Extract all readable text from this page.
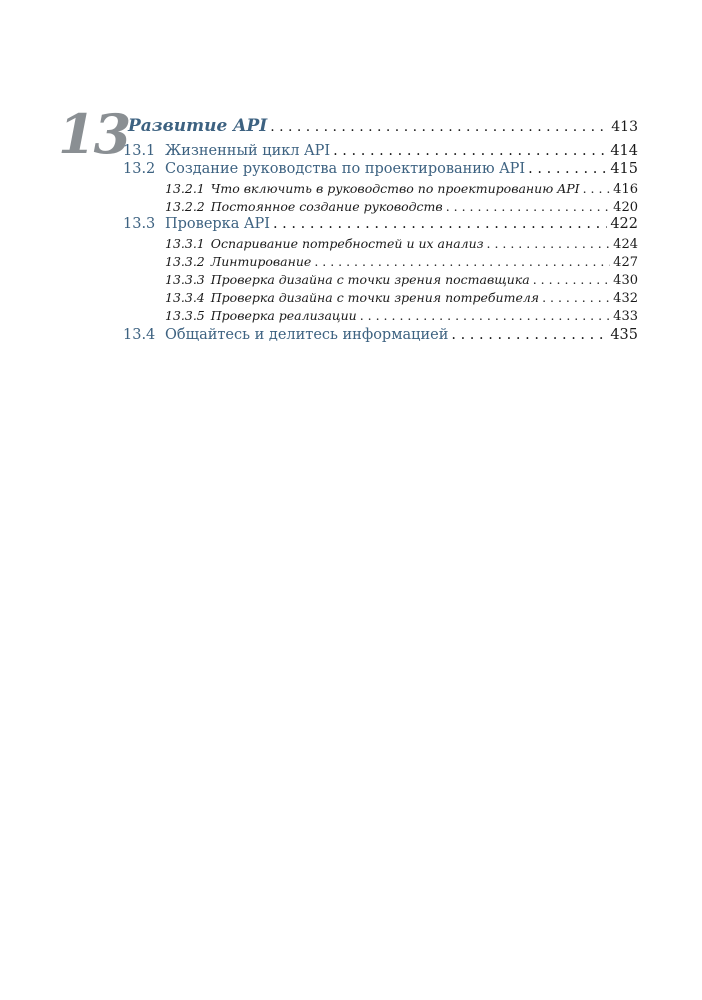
13
Развитие API . . .	413
13.1 Жизненный цикл API . . .	414
13.2 Создание руководства по проектированию API . . .	415
13.2.1 Что включить в руководство по проектированию API . . .	416
13.2.2 Постоянное создание руководств . . .	420
13.3 Проверка API . . .	422
13.3.1 Оспаривание потребностей и их анализ . . .	424
13.3.2 Линтирование . . .	427
13.3.3 Проверка дизайна с точки зрения поставщика . . .	430
13.3.4 Проверка дизайна с точки зрения потребителя . . .	432
13.3.5 Проверка реализации . . .	433
13.4 Общайтесь и делитесь информацией . . .	435
